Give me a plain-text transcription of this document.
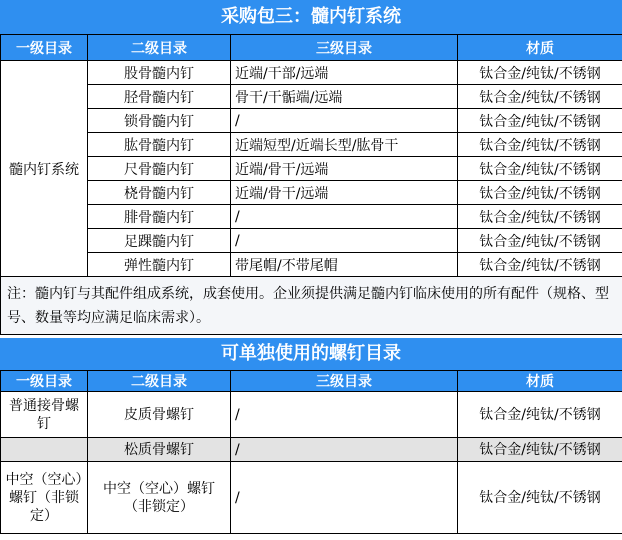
采购包三：髓内钉系统
一级目录	二级目录	三级目录	材质
髓内钉系统	股骨髓内钉	近端/干部/远端	钛合金/纯钛/不锈钢
	胫骨髓内钉	骨干/干骺端/远端	钛合金/纯钛/不锈钢
	锁骨髓内钉	/	钛合金/纯钛/不锈钢
	肱骨髓内钉	近端短型/近端长型/肱骨干	钛合金/纯钛/不锈钢
	尺骨髓内钉	近端/骨干/远端	钛合金/纯钛/不锈钢
	桡骨髓内钉	近端/骨干/远端	钛合金/纯钛/不锈钢
	腓骨髓内钉	/	钛合金/纯钛/不锈钢
	足踝髓内钉	/	钛合金/纯钛/不锈钢
	弹性髓内钉	带尾帽/不带尾帽	钛合金/纯钛/不锈钢
注：髓内钉与其配件组成系统，成套使用。企业须提供满足髓内钉临床使用的所有配件（规格、型号、数量等均应满足临床需求）。			
可单独使用的螺钉目录
一级目录	二级目录	三级目录	材质
普通接骨螺钉	皮质骨螺钉	/	钛合金/纯钛/不锈钢
	松质骨螺钉	/	钛合金/纯钛/不锈钢
中空（空心）螺钉（非锁定）	中空（空心）螺钉（非锁定）	/	钛合金/纯钛/不锈钢
